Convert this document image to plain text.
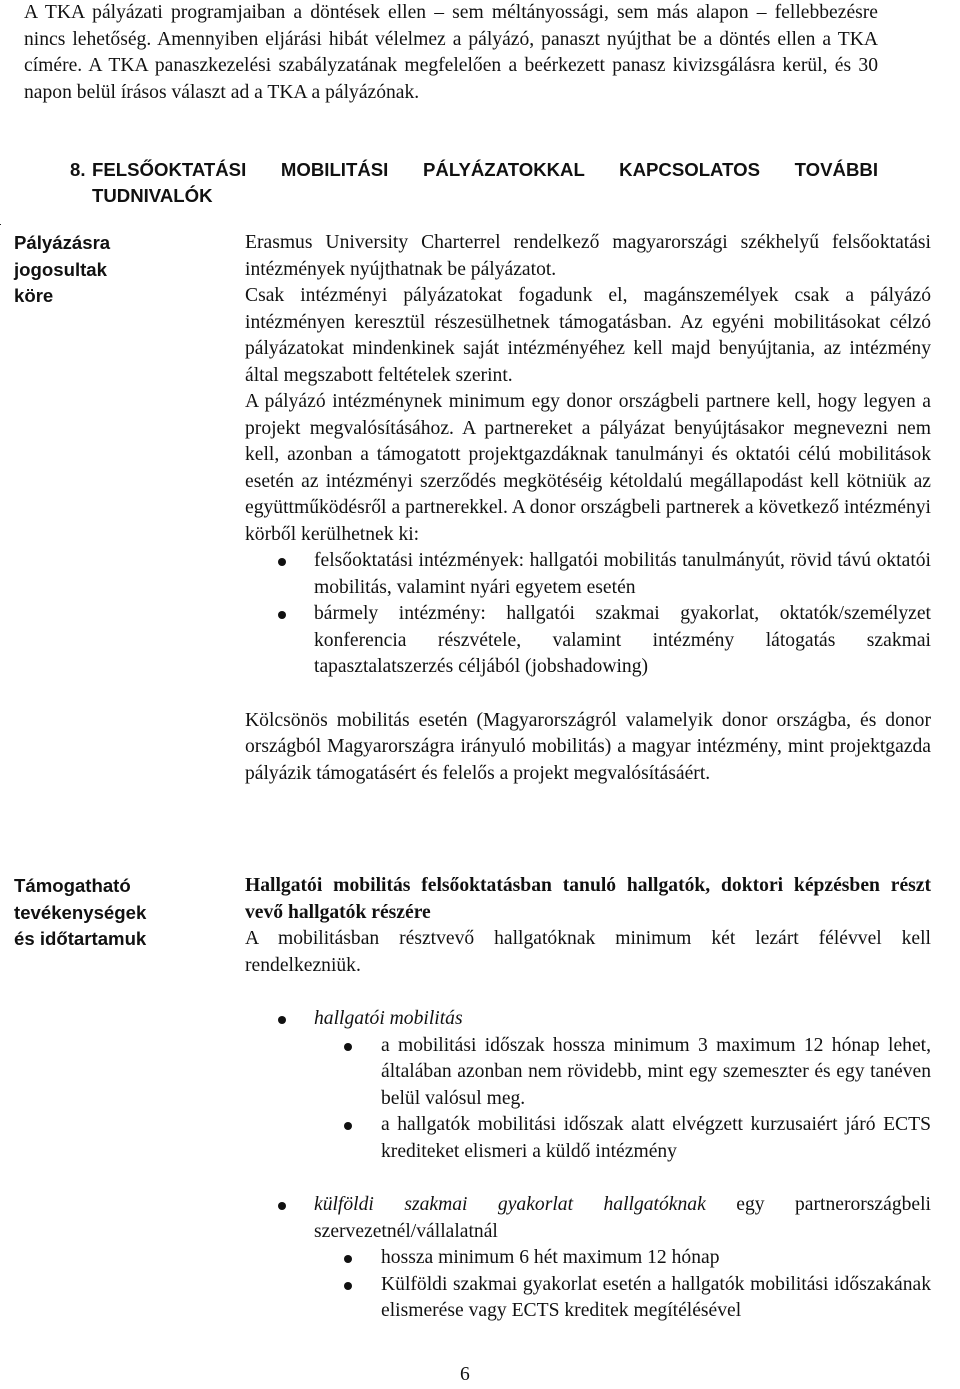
A TKA pályázati programjaiban a döntések ellen – sem méltányossági, sem más alapon – fellebbezésre nincs lehetőség. Amennyiben eljárási hibát vélelmez a pályázó, panaszt nyújthat be a döntés ellen a TKA címére. A TKA panaszkezelési szabályzatának megfelelően a beérkezett panasz kivizsgálásra kerül, és 30 napon belül írásos választ ad a TKA a pályázónak.

8. FELSŐOKTATÁSI MOBILITÁSI PÁLYÁZATOKKAL KAPCSOLATOS TOVÁBBI TUDNIVALÓK
Pályázásra
jogosultak
köre

Erasmus University Charterrel rendelkező magyarországi székhelyű felsőoktatási intézmények nyújthatnak be pályázatot.

Csak intézményi pályázatokat fogadunk el, magánszemélyek csak a pályázó intézményen keresztül részesülhetnek támogatásban. Az egyéni mobilitásokat célzó pályázatokat mindenkinek saját intézményéhez kell majd benyújtania, az intézmény által megszabott feltételek szerint.

A pályázó intézménynek minimum egy donor országbeli partnere kell, hogy legyen a projekt megvalósításához. A partnereket a pályázat benyújtásakor megnevezni nem kell, azonban a támogatott projektgazdáknak tanulmányi és oktatói célú mobilitások esetén az intézményi szerződés megkötéséig kétoldalú megállapodást kell kötniük az együttműködésről a partnerekkel. A donor országbeli partnerek a következő intézményi körből kerülhetnek ki:

felsőoktatási intézmények: hallgatói mobilitás tanulmányút, rövid távú oktatói mobilitás, valamint nyári egyetem esetén
bármely intézmény: hallgatói szakmai gyakorlat, oktatók/személyzet konferencia részvétele, valamint intézmény látogatás szakmai tapasztalatszerzés céljából (jobshadowing)

Kölcsönös mobilitás esetén (Magyarországról valamelyik donor országba, és donor országból Magyarországra irányuló mobilitás) a magyar intézmény, mint projektgazda pályázik támogatásért és felelős a projekt megvalósításáért.

Támogatható
tevékenységek
és időtartamuk

Hallgatói mobilitás felsőoktatásban tanuló hallgatók, doktori képzésben részt vevő hallgatók részére

A mobilitásban résztvevő hallgatóknak minimum két lezárt félévvel kell rendelkezniük.

hallgatói mobilitás
a mobilitási időszak hossza minimum 3 maximum 12 hónap lehet, általában azonban nem rövidebb, mint egy szemeszter és egy tanéven belül valósul meg.
a hallgatók mobilitási időszak alatt elvégzett kurzusaiért járó ECTS krediteket elismeri a küldő intézmény
külföldi szakmai gyakorlat hallgatóknak egy partnerországbeli szervezetnél/vállalatnál
hossza minimum 6 hét maximum 12 hónap
Külföldi szakmai gyakorlat esetén a hallgatók mobilitási időszakának elismerése vagy ECTS kreditek megítélésével
6
